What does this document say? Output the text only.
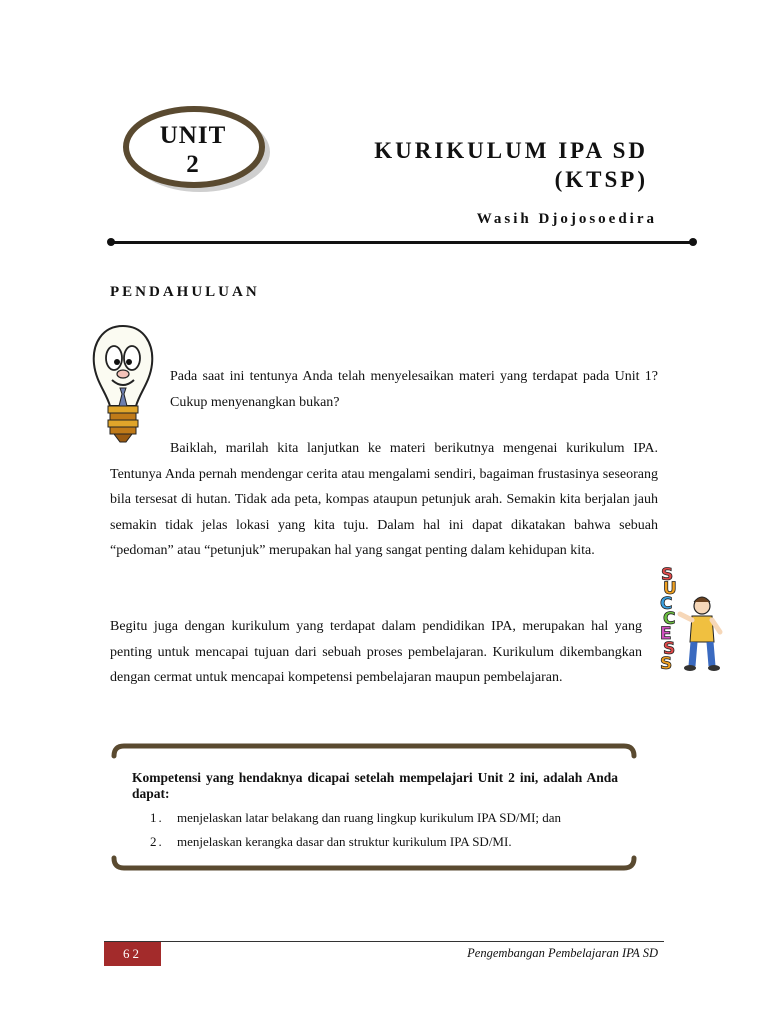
UNIT
2
KURIKULUM IPA SD
(KTSP)
Wasih Djojosoedira
PENDAHULUAN

Pada saat ini tentunya Anda telah menyelesaikan materi yang terdapat pada Unit 1? Cukup menyenangkan bukan?

Baiklah, marilah kita lanjutkan ke materi berikutnya mengenai kurikulum IPA. Tentunya Anda pernah mendengar cerita atau mengalami sendiri, bagaiman frustasinya seseorang bila tersesat di hutan. Tidak ada peta, kompas ataupun petunjuk arah. Semakin kita berjalan jauh semakin tidak jelas lokasi yang kita tuju. Dalam hal ini dapat dikatakan bahwa sebuah “pedoman” atau “petunjuk” merupakan hal yang sangat penting dalam kehidupan kita.

Begitu juga dengan kurikulum yang terdapat dalam pendidikan IPA, merupakan hal yang penting untuk mencapai tujuan dari sebuah proses pembelajaran. Kurikulum dikembangkan dengan cermat untuk mencapai kompetensi pembelajaran maupun pembelajaran.

S
U
C
C
E
S
S
Kompetensi yang hendaknya dicapai setelah mempelajari Unit 2 ini, adalah Anda dapat:
1.	menjelaskan latar belakang dan ruang lingkup kurikulum IPA SD/MI; dan
2.	menjelaskan kerangka dasar dan struktur kurikulum IPA SD/MI.
62	Pengembangan Pembelajaran IPA SD
